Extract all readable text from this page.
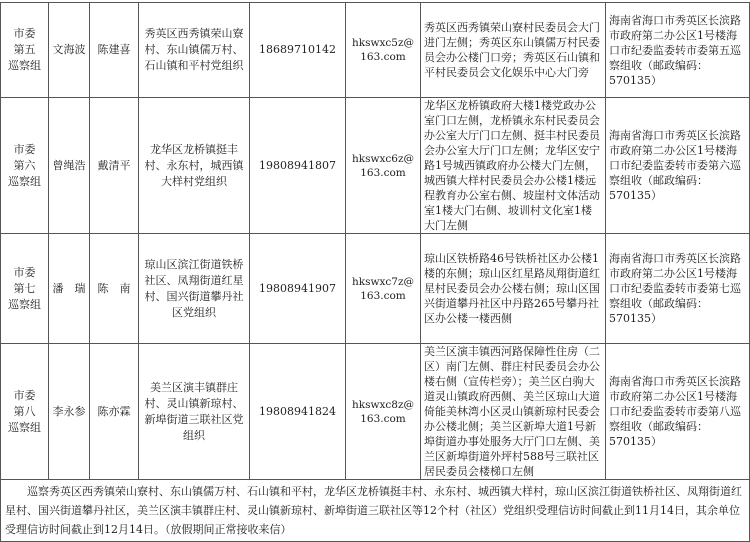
市委
第五
巡察组	文海波	陈建喜	秀英区西秀镇荣山寮村、东山镇儒万村、石山镇和平村党组织	18689710142	hkswxc5z@163.com	秀英区西秀镇荣山寮村民委员会大门进门左侧；秀英区东山镇儒万村民委员会办公楼门口旁；秀英区石山镇和平村民委员会文化娱乐中心大门旁	海南省海口市秀英区长滨路市政府第二办公区1号楼海口市纪委监委转市委第五巡察组收（邮政编码：570135）
市委
第六
巡察组	曾绳浩	戴清平	龙华区龙桥镇挺丰村、永东村，城西镇大样村党组织	19808941807	hkswxc6z@163.com	龙华区龙桥镇政府大楼1楼党政办公室门口左侧，龙桥镇永东村民委员会办公室大厅门口左侧、挺丰村民委员会办公室大厅门口左侧；龙华区安宁路1号城西镇政府办公楼大门左侧，城西镇大样村民委员会办公楼1楼远程教育办公室右侧、坡崖村文体活动室1楼大门右侧、坡训村文化室1楼大门左侧	海南省海口市秀英区长滨路市政府第二办公区1号楼海口市纪委监委转市委第六巡察组收（邮政编码：570135）
市委
第七
巡察组	潘　瑞	陈　南	琼山区滨江街道铁桥社区、凤翔街道红星村、国兴街道攀丹社区党组织	19808941907	hkswxc7z@163.com	琼山区铁桥路46号铁桥社区办公楼1楼的东侧；琼山区红星路凤翔街道红星村民委员会办公楼右侧；琼山区国兴街道攀丹社区中丹路265号攀丹社区办公楼一楼西侧	海南省海口市秀英区长滨路市政府第二办公区1号楼海口市纪委监委转市委第七巡察组收（邮政编码：570135）
市委
第八
巡察组	李永参	陈亦霖	美兰区演丰镇群庄村、灵山镇新琼村、新埠街道三联社区党组织	19808941824	hkswxc8z@163.com	美兰区演丰镇西河路保障性住房（二区）南门左侧、群庄村民委员会办公楼右侧（宣传栏旁）；美兰区白驹大道灵山镇政府西侧、美兰区琼山大道倚能美林湾小区灵山镇新琼村民委会办公楼北侧；美兰区新埠大道1号新埠街道办事处服务大厅门口左侧、美兰区新埠街道外坪村588号三联社区居民委员会楼梯口左侧	海南省海口市秀英区长滨路市政府第二办公区1号楼海口市纪委监委转市委第八巡察组收（邮政编码：570135）
  巡察秀英区西秀镇荣山寮村、东山镇儒万村、石山镇和平村，龙华区龙桥镇挺丰村、永东村、城西镇大样村，琼山区滨江街道铁桥社区、凤翔街道红星村、国兴街道攀丹社区，美兰区演丰镇群庄村、灵山镇新琼村、新埠街道三联社区等12个村（社区）党组织受理信访时间截止到11月14日，其余单位受理信访时间截止到12月14日。（放假期间正常接收来信）							
